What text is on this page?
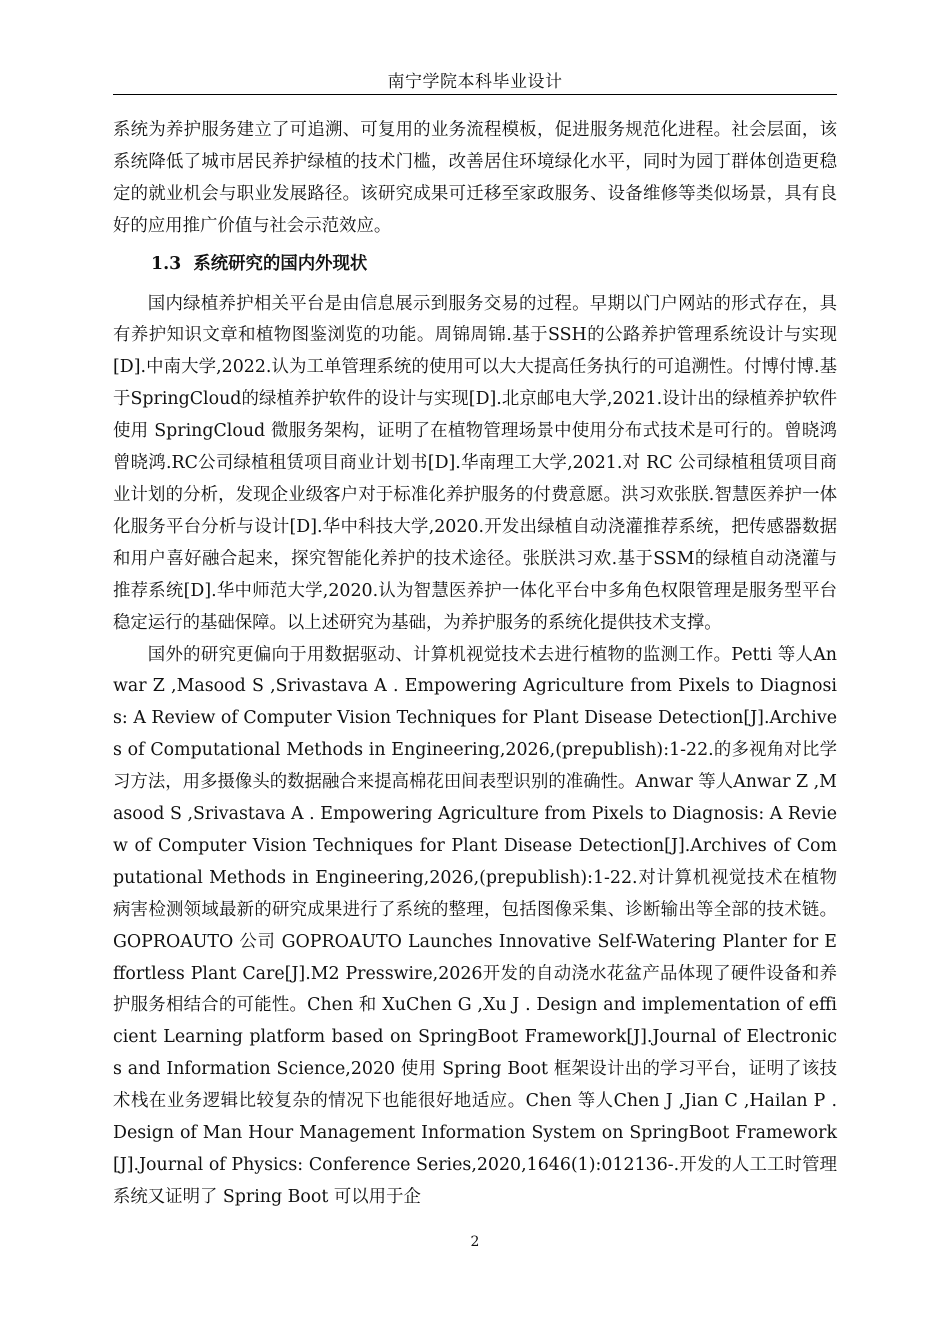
南宁学院本科毕业设计

系统为养护服务建立了可追溯、可复用的业务流程模板，促进服务规范化进程。社会层面，该系统降低了城市居民养护绿植的技术门槛，改善居住环境绿化水平，同时为园丁群体创造更稳定的就业机会与职业发展路径。该研究成果可迁移至家政服务、设备维修等类似场景，具有良好的应用推广价值与社会示范效应。

1.3 系统研究的国内外现状

国内绿植养护相关平台是由信息展示到服务交易的过程。早期以门户网站的形式存在，具有养护知识文章和植物图鉴浏览的功能。周锦周锦.基于SSH的公路养护管理系统设计与实现[D].中南大学,2022.认为工单管理系统的使用可以大大提高任务执行的可追溯性。付博付博.基于SpringCloud的绿植养护软件的设计与实现[D].北京邮电大学,2021.设计出的绿植养护软件使用 SpringCloud 微服务架构，证明了在植物管理场景中使用分布式技术是可行的。曾晓鸿曾晓鸿.RC公司绿植租赁项目商业计划书[D].华南理工大学,2021.对 RC 公司绿植租赁项目商业计划的分析，发现企业级客户对于标准化养护服务的付费意愿。洪习欢张朕.智慧医养护一体化服务平台分析与设计[D].华中科技大学,2020.开发出绿植自动浇灌推荐系统，把传感器数据和用户喜好融合起来，探究智能化养护的技术途径。张朕洪习欢.基于SSM的绿植自动浇灌与推荐系统[D].华中师范大学,2020.认为智慧医养护一体化平台中多角色权限管理是服务型平台稳定运行的基础保障。以上述研究为基础，为养护服务的系统化提供技术支撑。

国外的研究更偏向于用数据驱动、计算机视觉技术去进行植物的监测工作。Petti 等人Anwar Z ,Masood S ,Srivastava A . Empowering Agriculture from Pixels to Diagnosis: A Review of Computer Vision Techniques for Plant Disease Detection[J].Archives of Computational Methods in Engineering,2026,(prepublish):1-22.的多视角对比学习方法，用多摄像头的数据融合来提高棉花田间表型识别的准确性。Anwar 等人Anwar Z ,Masood S ,Srivastava A . Empowering Agriculture from Pixels to Diagnosis: A Review of Computer Vision Techniques for Plant Disease Detection[J].Archives of Computational Methods in Engineering,2026,(prepublish):1-22.对计算机视觉技术在植物病害检测领域最新的研究成果进行了系统的整理，包括图像采集、诊断输出等全部的技术链。GOPROAUTO 公司 GOPROAUTO Launches Innovative Self-Watering Planter for Effortless Plant Care[J].M2 Presswire,2026开发的自动浇水花盆产品体现了硬件设备和养护服务相结合的可能性。Chen 和 XuChen G ,Xu J . Design and implementation of efficient Learning platform based on SpringBoot Framework[J].Journal of Electronics and Information Science,2020 使用 Spring Boot 框架设计出的学习平台，证明了该技术栈在业务逻辑比较复杂的情况下也能很好地适应。Chen 等人Chen J ,Jian C ,Hailan P . Design of Man Hour Management Information System on SpringBoot Framework[J].Journal of Physics: Conference Series,2020,1646(1):012136-.开发的人工工时管理系统又证明了 Spring Boot 可以用于企

2
